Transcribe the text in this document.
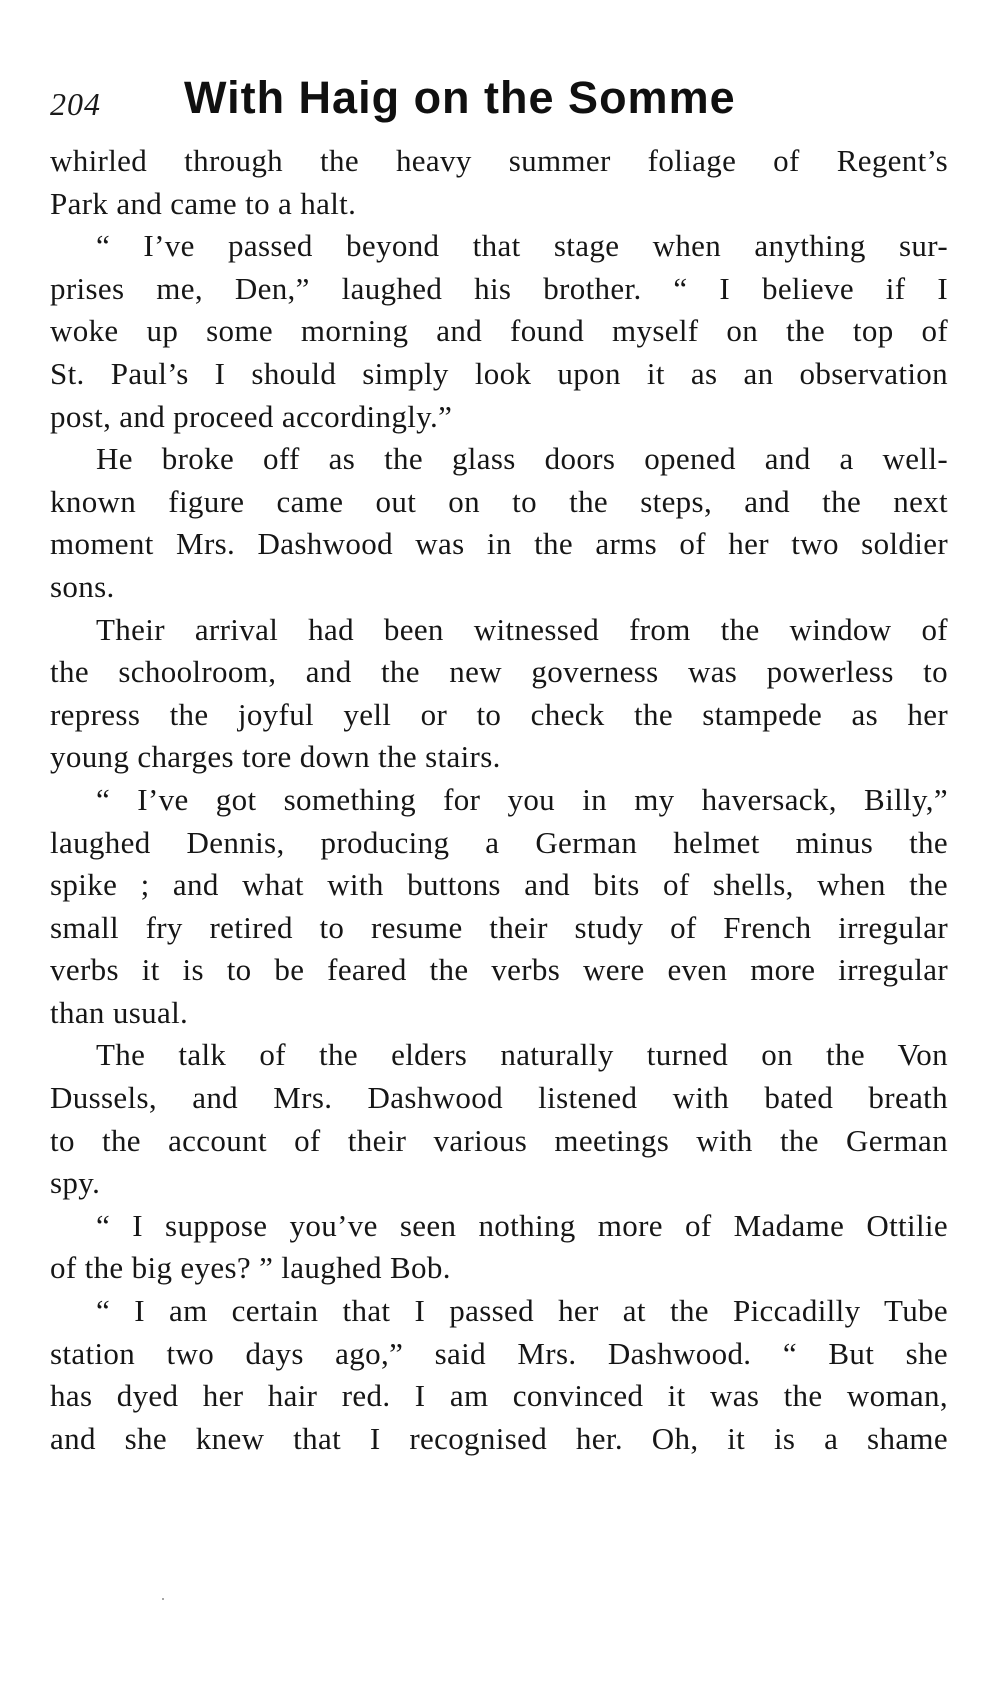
204 With Haig on the Somme
whirled through the heavy summer foliage of Regent’s
Park and came to a halt.
“ I’ve passed beyond that stage when anything sur-
prises me, Den,” laughed his brother. “ I believe if I
woke up some morning and found myself on the top of
St. Paul’s I should simply look upon it as an observation
post, and proceed accordingly.”
He broke off as the glass doors opened and a well-
known figure came out on to the steps, and the next
moment Mrs. Dashwood was in the arms of her two soldier
sons.
Their arrival had been witnessed from the window of
the schoolroom, and the new governess was powerless to
repress the joyful yell or to check the stampede as her
young charges tore down the stairs.
“ I’ve got something for you in my haversack, Billy,”
laughed Dennis, producing a German helmet minus the
spike ; and what with buttons and bits of shells, when the
small fry retired to resume their study of French irregular
verbs it is to be feared the verbs were even more irregular
than usual.
The talk of the elders naturally turned on the Von
Dussels, and Mrs. Dashwood listened with bated breath
to the account of their various meetings with the German
spy.
“ I suppose you’ve seen nothing more of Madame Ottilie
of the big eyes? ” laughed Bob.
“ I am certain that I passed her at the Piccadilly Tube
station two days ago,” said Mrs. Dashwood. “ But she
has dyed her hair red. I am convinced it was the woman,
and she knew that I recognised her. Oh, it is a shame
